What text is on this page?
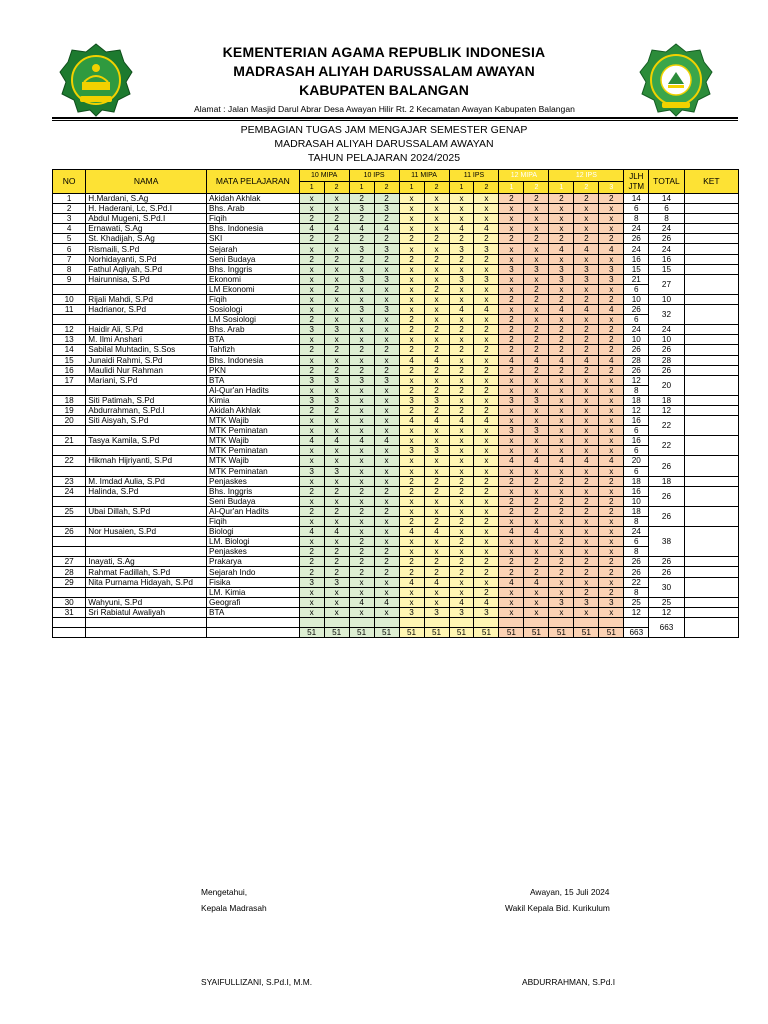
KEMENTERIAN AGAMA REPUBLIK INDONESIA
MADRASAH ALIYAH DARUSSALAM AWAYAN
KABUPATEN BALANGAN
Alamat : Jalan Masjid Darul Abrar Desa Awayan Hilir Rt. 2 Kecamatan Awayan Kabupaten Balangan
PEMBAGIAN TUGAS JAM MENGAJAR SEMESTER GENAP
MADRASAH ALIYAH DARUSSALAM AWAYAN
TAHUN PELAJARAN 2024/2025
NO	NAMA	MATA PELAJARAN	10 MIPA		10 IPS		11 MIPA		11 IPS		12 MIPA		12 IPS			JLH JTM	TOTAL	KET
			1	2	1	2	1	2	1	2	1	2	1	2	3			
1	H.Mardani, S.Ag	Akidah Akhlak	x	x	2	2	x	x	x	x	2	2	2	2	2	14	14	
2	H. Haderani, Lc, S.Pd.I	Bhs. Arab	x	x	3	3	x	x	x	x	x	x	x	x	x	6	6	
3	Abdul Mugeni, S.Pd.I	Fiqih	2	2	2	2	x	x	x	x	x	x	x	x	x	8	8	
4	Ernawati, S.Ag	Bhs. Indonesia	4	4	4	4	x	x	4	4	x	x	x	x	x	24	24	
5	St. Khadijah, S.Ag	SKI	2	2	2	2	2	2	2	2	2	2	2	2	2	26	26	
6	Rismaili, S.Pd	Sejarah	x	x	3	3	x	x	3	3	x	x	4	4	4	24	24	
7	Norhidayanti, S.Pd	Seni Budaya	2	2	2	2	2	2	2	2	x	x	x	x	x	16	16	
8	Fathul Aqliyah, S.Pd	Bhs. Inggris	x	x	x	x	x	x	x	x	3	3	3	3	3	15	15	
9	Hairunnisa, S.Pd	Ekonomi	x	x	3	3	x	x	3	3	x	x	3	3	3	21	27	
		LM Ekonomi	x	2	x	x	x	2	x	x	x	2	x	x	x	6		
10	Rijali Mahdi, S.Pd	Fiqih	x	x	x	x	x	x	x	x	2	2	2	2	2	10	10	
11	Hadrianor, S.Pd	Sosiologi	x	x	3	3	x	x	4	4	x	x	4	4	4	26	32	
		LM Sosiologi	2	x	x	x	2	x	x	x	2	x	x	x	x	6		
12	Haidir Ali, S.Pd	Bhs. Arab	3	3	x	x	2	2	2	2	2	2	2	2	2	24	24	
13	M. Ilmi Anshari	BTA	x	x	x	x	x	x	x	x	2	2	2	2	2	10	10	
14	Sabilal Muhtadin, S.Sos	Tahfizh	2	2	2	2	2	2	2	2	2	2	2	2	2	26	26	
15	Junaidi Rahmi, S.Pd	Bhs. Indonesia	x	x	x	x	4	4	x	x	4	4	4	4	4	28	28	
16	Maulidi Nur Rahman	PKN	2	2	2	2	2	2	2	2	2	2	2	2	2	26	26	
17	Mariani, S.Pd	BTA	3	3	3	3	x	x	x	x	x	x	x	x	x	12	20	
		Al-Qur'an Hadits	x	x	x	x	2	2	2	2	x	x	x	x	x	8		
18	Siti Patimah, S.Pd	Kimia	3	3	x	x	3	3	x	x	3	3	x	x	x	18	18	
19	Abdurrahman, S.Pd.I	Akidah Akhlak	2	2	x	x	2	2	2	2	x	x	x	x	x	12	12	
20	Siti Aisyah, S.Pd	MTK Wajib	x	x	x	x	4	4	4	4	x	x	x	x	x	16	22	
		MTK Peminatan	x	x	x	x	x	x	x	x	3	3	x	x	x	6		
21	Tasya Kamila, S.Pd	MTK Wajib	4	4	4	4	x	x	x	x	x	x	x	x	x	16	22	
		MTK Peminatan	x	x	x	x	3	3	x	x	x	x	x	x	x	6		
22	Hikmah Hijriyanti, S.Pd	MTK Wajib	x	x	x	x	x	x	x	x	4	4	4	4	4	20	26	
		MTK Peminatan	3	3	x	x	x	x	x	x	x	x	x	x	x	6		
23	M. Imdad Aulia, S.Pd	Penjaskes	x	x	x	x	2	2	2	2	2	2	2	2	2	18	18	
24	Halinda, S.Pd	Bhs. Inggris	2	2	2	2	2	2	2	2	x	x	x	x	x	16	26	
		Seni Budaya	x	x	x	x	x	x	x	x	2	2	2	2	2	10		
25	Ubai Dillah, S.Pd	Al-Qur'an Hadits	2	2	2	2	x	x	x	x	2	2	2	2	2	18	26	
		Fiqih	x	x	x	x	2	2	2	2	x	x	x	x	x	8		
26	Nor Husaien, S.Pd	Biologi	4	4	x	x	4	4	x	x	4	4	x	x	x	24	38	
		LM. Biologi	x	x	2	x	x	x	2	x	x	x	2	x	x	6		
		Penjaskes	2	2	2	2	x	x	x	x	x	x	x	x	x	8		
27	Inayati, S.Ag	Prakarya	2	2	2	2	2	2	2	2	2	2	2	2	2	26	26	
28	Rahmat Fadillah, S.Pd	Sejarah Indo	2	2	2	2	2	2	2	2	2	2	2	2	2	26	26	
29	Nita Purnama Hidayah, S.Pd	Fisika	3	3	x	x	4	4	x	x	4	4	x	x	x	22	30	
		LM. Kimia	x	x	x	x	x	x	x	2	x	x	x	2	2	8		
30	Wahyuni, S.Pd	Geografi	x	x	4	4	x	x	4	4	x	x	3	3	3	25	25	
31	Sri Rabiatul Awaliyah	BTA	x	x	x	x	3	3	3	3	x	x	x	x	x	12	12	
																	663	
			51	51	51	51	51	51	51	51	51	51	51	51	51	663		
Mengetahui,
Kepala Madrasah
SYAIFULLIZANI, S.Pd.I, M.M.
Awayan, 15 Juli 2024
Wakil Kepala Bid. Kurikulum
ABDURRAHMAN, S.Pd.I
